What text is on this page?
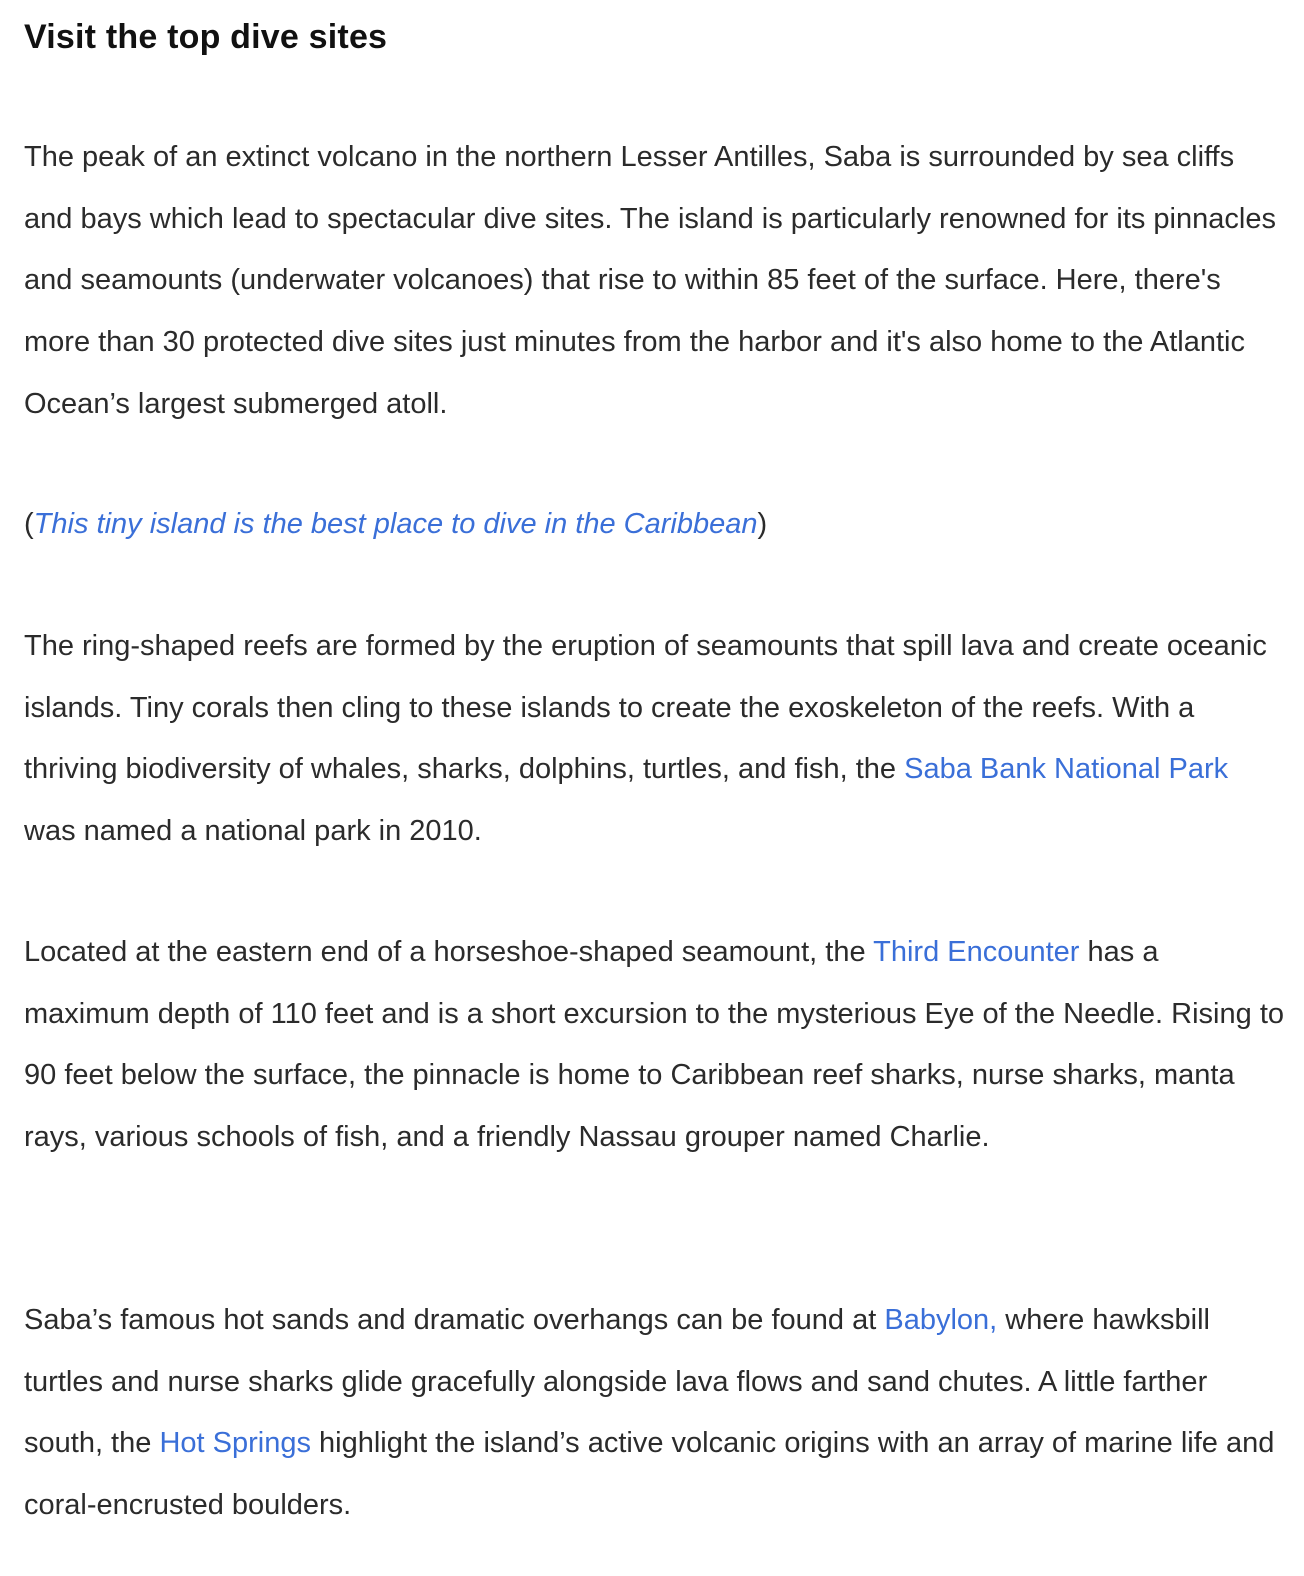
Visit the top dive sites

The peak of an extinct volcano in the northern Lesser Antilles, Saba is surrounded by sea cliffs and bays which lead to spectacular dive sites. The island is particularly renowned for its pinnacles and seamounts (underwater volcanoes) that rise to within 85 feet of the surface. Here, there's more than 30 protected dive sites just minutes from the harbor and it's also home to the Atlantic Ocean’s largest submerged atoll.

(This tiny island is the best place to dive in the Caribbean)

The ring-shaped reefs are formed by the eruption of seamounts that spill lava and create oceanic islands. Tiny corals then cling to these islands to create the exoskeleton of the reefs. With a thriving biodiversity of whales, sharks, dolphins, turtles, and fish, the Saba Bank National Park was named a national park in 2010.

Located at the eastern end of a horseshoe-shaped seamount, the Third Encounter has a maximum depth of 110 feet and is a short excursion to the mysterious Eye of the Needle. Rising to 90 feet below the surface, the pinnacle is home to Caribbean reef sharks, nurse sharks, manta rays, various schools of fish, and a friendly Nassau grouper named Charlie.

Saba’s famous hot sands and dramatic overhangs can be found at Babylon, where hawksbill turtles and nurse sharks glide gracefully alongside lava flows and sand chutes. A little farther south, the Hot Springs highlight the island’s active volcanic origins with an array of marine life and coral-encrusted boulders.
